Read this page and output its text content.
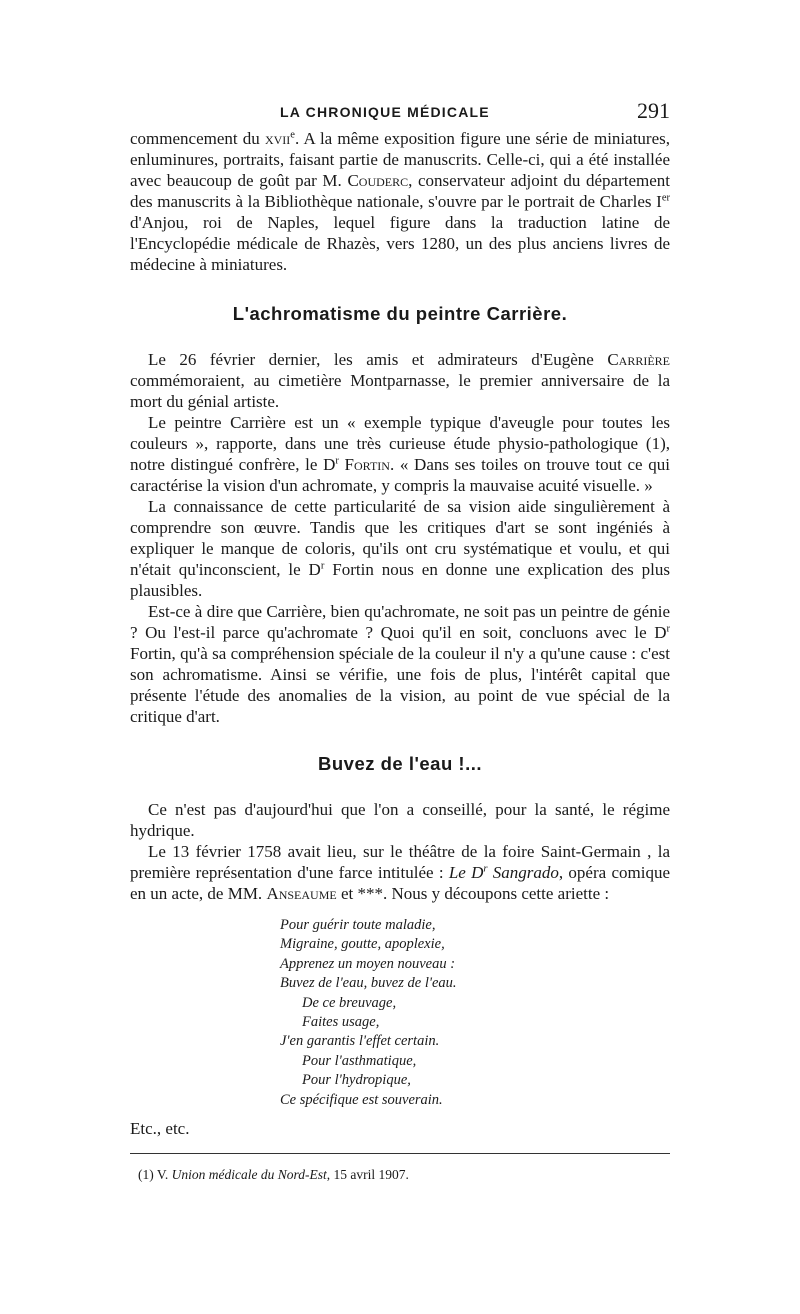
LA CHRONIQUE MÉDICALE	291

commencement du xvii$^e$. A la même exposition figure une série de miniatures, enluminures, portraits, faisant partie de manuscrits. Celle-ci, qui a été installée avec beaucoup de goût par M. Couderc, conservateur adjoint du département des manuscrits à la Bibliothèque nationale, s'ouvre par le portrait de Charles Ier d'Anjou, roi de Naples, lequel figure dans la traduction latine de l'Encyclopédie médicale de Rhazès, vers 1280, un des plus anciens livres de médecine à miniatures.

L'achromatisme du peintre Carrière.

Le 26 février dernier, les amis et admirateurs d'Eugène Carrière commémoraient, au cimetière Montparnasse, le premier anniversaire de la mort du génial artiste.

Le peintre Carrière est un « exemple typique d'aveugle pour toutes les couleurs », rapporte, dans une très curieuse étude physio-pathologique (1), notre distingué confrère, le $D^r$ Fortin. « Dans ses toiles on trouve tout ce qui caractérise la vision d'un achromate, y compris la mauvaise acuité visuelle. »

La connaissance de cette particularité de sa vision aide singulièrement à comprendre son œuvre. Tandis que les critiques d'art se sont ingéniés à expliquer le manque de coloris, qu'ils ont cru systématique et voulu, et qui n'était qu'inconscient, le $D^r$ Fortin nous en donne une explication des plus plausibles.

Est-ce à dire que Carrière, bien qu'achromate, ne soit pas un peintre de génie ? Ou l'est-il parce qu'achromate ? Quoi qu'il en soit, concluons avec le $D^r$ Fortin, qu'à sa compréhension spéciale de la couleur il n'y a qu'une cause : c'est son achromatisme. Ainsi se vérifie, une fois de plus, l'intérêt capital que présente l'étude des anomalies de la vision, au point de vue spécial de la critique d'art.

Buvez de l'eau !...

Ce n'est pas d'aujourd'hui que l'on a conseillé, pour la santé, le régime hydrique.

Le 13 février 1758 avait lieu, sur le théâtre de la foire Saint-Germain , la première représentation d'une farce intitulée : Le $D^r$ Sangrado, opéra comique en un acte, de MM. Anseaume et ***. Nous y découpons cette ariette :

Pour guérir toute maladie,
Migraine, goutte, apoplexie,
Apprenez un moyen nouveau :
Buvez de l'eau, buvez de l'eau.
De ce breuvage,
Faites usage,
J'en garantis l'effet certain.
Pour l'asthmatique,
Pour l'hydropique,
Ce spécifique est souverain.

Etc., etc.

(1) V. Union médicale du Nord-Est, 15 avril 1907.
